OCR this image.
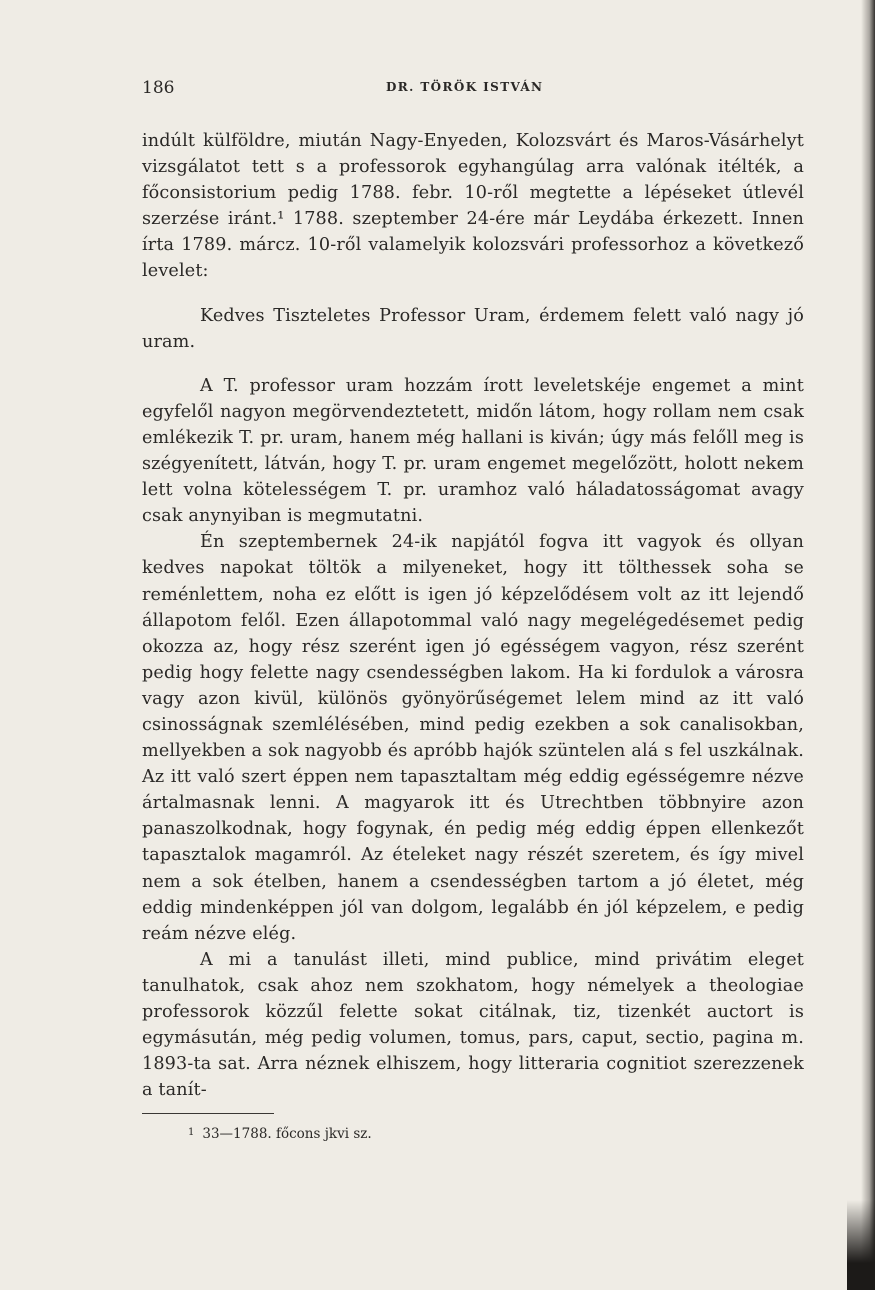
186	DR. TÖRÖK ISTVÁN

indúlt külföldre, miután Nagy-Enyeden, Kolozsvárt és Maros-Vásárhelyt vizsgálatot tett s a professorok egyhangúlag arra valónak itélték, a főconsistorium pedig 1788. febr. 10-ről megtette a lépéseket útlevél szerzése iránt.¹ 1788. szeptember 24-ére már Leydába érkezett. Innen írta 1789. márcz. 10-ről valamelyik kolozsvári professorhoz a következő levelet:

Kedves Tiszteletes Professor Uram, érdemem felett való nagy jó uram.

A T. professor uram hozzám írott leveletskéje engemet a mint egyfelől nagyon megörvendeztetett, midőn látom, hogy rollam nem csak emlékezik T. pr. uram, hanem még hallani is kiván; úgy más felőll meg is szégyenített, látván, hogy T. pr. uram engemet megelőzött, holott nekem lett volna kötelességem T. pr. uramhoz való háladatosságomat avagy csak anynyiban is megmutatni.

Én szeptembernek 24-ik napjától fogva itt vagyok és ollyan kedves napokat töltök a milyeneket, hogy itt tölthessek soha se reménlettem, noha ez előtt is igen jó képzelődésem volt az itt lejendő állapotom felől. Ezen állapotommal való nagy megelégedésemet pedig okozza az, hogy rész szerént igen jó egésségem vagyon, rész szerént pedig hogy felette nagy csendességben lakom. Ha ki fordulok a városra vagy azon kivül, különös gyönyörűségemet lelem mind az itt való csinosságnak szemlélésében, mind pedig ezekben a sok canalisokban, mellyekben a sok nagyobb és apróbb hajók szüntelen alá s fel uszkálnak. Az itt való szert éppen nem tapasztaltam még eddig egésségemre nézve ártalmasnak lenni. A magyarok itt és Utrechtben többnyire azon panaszolkodnak, hogy fogynak, én pedig még eddig éppen ellenkezőt tapasztalok magamról. Az ételeket nagy részét szeretem, és így mivel nem a sok ételben, hanem a csendességben tartom a jó életet, még eddig mindenképpen jól van dolgom, legalább én jól képzelem, e pedig reám nézve elég.

A mi a tanulást illeti, mind publice, mind privátim eleget tanulhatok, csak ahoz nem szokhatom, hogy némelyek a theologiae professorok közzűl felette sokat citálnak, tiz, tizenkét auctort is egymásután, még pedig volumen, tomus, pars, caput, sectio, pagina m. 1893-ta sat. Arra néznek elhiszem, hogy litteraria cognitiot szerezzenek a tanít-

1 33—1788. főcons jkvi sz.
